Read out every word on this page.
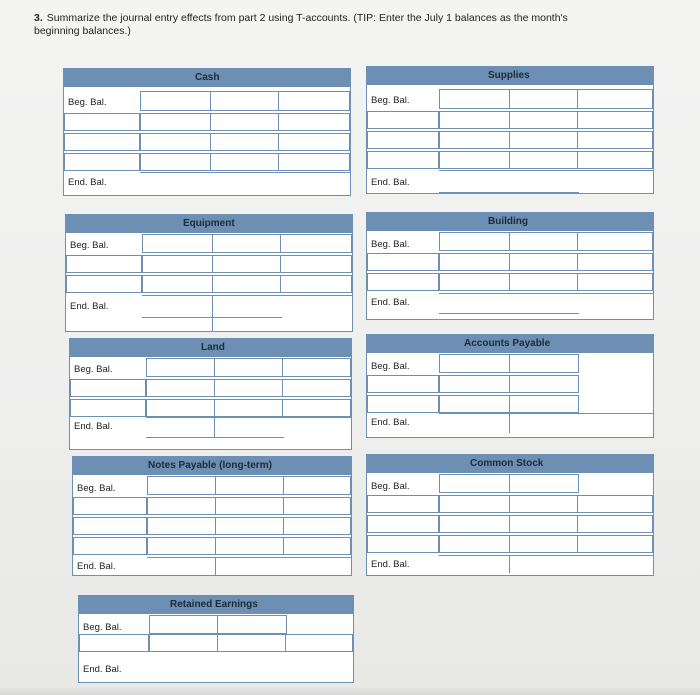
3. Summarize the journal entry effects from part 2 using T-accounts. (TIP: Enter the July 1 balances as the month's beginning balances.)
Cash
Beg. Bal.
End. Bal.
Supplies
Beg. Bal.
End. Bal.
Equipment
Beg. Bal.
End. Bal.
Building
Beg. Bal.
End. Bal.
Land
Beg. Bal.
End. Bal.
Accounts Payable
Beg. Bal.
End. Bal.
Notes Payable (long-term)
Beg. Bal.
End. Bal.
Common Stock
Beg. Bal.
End. Bal.
Retained Earnings
Beg. Bal.
End. Bal.
